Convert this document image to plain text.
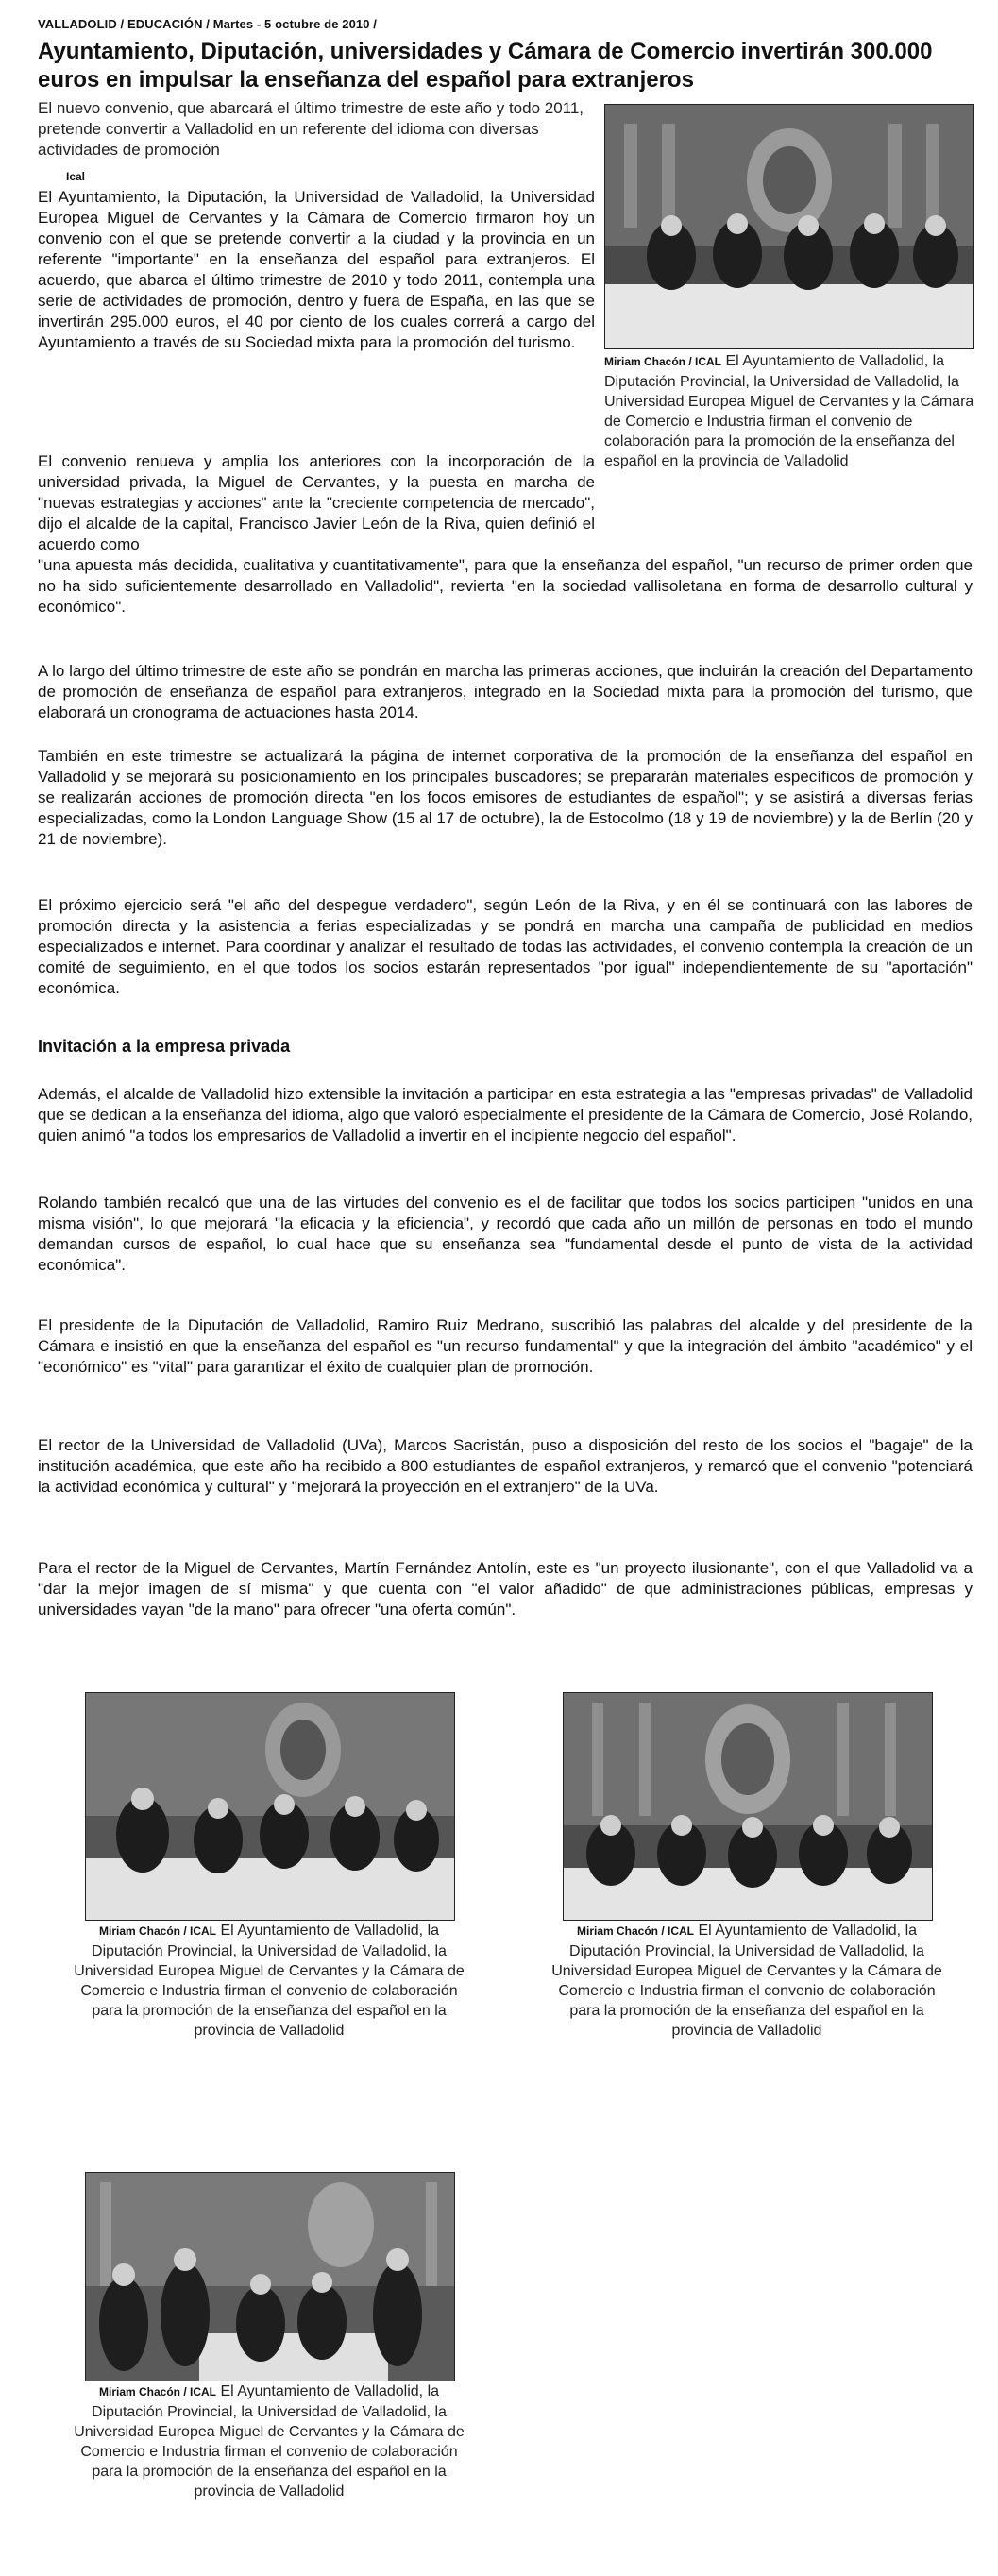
VALLADOLID / EDUCACIÓN / Martes - 5 octubre de 2010 /
Ayuntamiento, Diputación, universidades y Cámara de Comercio invertirán 300.000 euros en impulsar la enseñanza del español para extranjeros

El nuevo convenio, que abarcará el último trimestre de este año y todo 2011, pretende convertir a Valladolid en un referente del idioma con diversas actividades de promoción

Ical

El Ayuntamiento, la Diputación, la Universidad de Valladolid, la Universidad Europea Miguel de Cervantes y la Cámara de Comercio firmaron hoy un convenio con el que se pretende convertir a la ciudad y la provincia en un referente "importante" en la enseñanza del español para extranjeros. El acuerdo, que abarca el último trimestre de 2010 y todo 2011, contempla una serie de actividades de promoción, dentro y fuera de España, en las que se invertirán 295.000 euros, el 40 por ciento de los cuales correrá a cargo del Ayuntamiento a través de su Sociedad mixta para la promoción del turismo.

El convenio renueva y amplia los anteriores con la incorporación de la universidad privada, la Miguel de Cervantes, y la puesta en marcha de "nuevas estrategias y acciones" ante la "creciente competencia de mercado", dijo el alcalde de la capital, Francisco Javier León de la Riva, quien definió el acuerdo como

"una apuesta más decidida, cualitativa y cuantitativamente", para que la enseñanza del español, "un recurso de primer orden que no ha sido suficientemente desarrollado en Valladolid", revierta "en la sociedad vallisoletana en forma de desarrollo cultural y económico".

A lo largo del último trimestre de este año se pondrán en marcha las primeras acciones, que incluirán la creación del Departamento de promoción de enseñanza de español para extranjeros, integrado en la Sociedad mixta para la promoción del turismo, que elaborará un cronograma de actuaciones hasta 2014.

También en este trimestre se actualizará la página de internet corporativa de la promoción de la enseñanza del español en Valladolid y se mejorará su posicionamiento en los principales buscadores; se prepararán materiales específicos de promoción y se realizarán acciones de promoción directa "en los focos emisores de estudiantes de español"; y se asistirá a diversas ferias especializadas, como la London Language Show (15 al 17 de octubre), la de Estocolmo (18 y 19 de noviembre) y la de Berlín (20 y 21 de noviembre).

El próximo ejercicio será "el año del despegue verdadero", según León de la Riva, y en él se continuará con las labores de promoción directa y la asistencia a ferias especializadas y se pondrá en marcha una campaña de publicidad en medios especializados e internet. Para coordinar y analizar el resultado de todas las actividades, el convenio contempla la creación de un comité de seguimiento, en el que todos los socios estarán representados "por igual" independientemente de su "aportación" económica.

Invitación a la empresa privada

Además, el alcalde de Valladolid hizo extensible la invitación a participar en esta estrategia a las "empresas privadas" de Valladolid que se dedican a la enseñanza del idioma, algo que valoró especialmente el presidente de la Cámara de Comercio, José Rolando, quien animó "a todos los empresarios de Valladolid a invertir en el incipiente negocio del español".

Rolando también recalcó que una de las virtudes del convenio es el de facilitar que todos los socios participen "unidos en una misma visión", lo que mejorará "la eficacia y la eficiencia", y recordó que cada año un millón de personas en todo el mundo demandan cursos de español, lo cual hace que su enseñanza sea "fundamental desde el punto de vista de la actividad económica".

El presidente de la Diputación de Valladolid, Ramiro Ruiz Medrano, suscribió las palabras del alcalde y del presidente de la Cámara e insistió en que la enseñanza del español es "un recurso fundamental" y que la integración del ámbito "académico" y el "económico" es "vital" para garantizar el éxito de cualquier plan de promoción.

El rector de la Universidad de Valladolid (UVa), Marcos Sacristán, puso a disposición del resto de los socios el "bagaje" de la institución académica, que este año ha recibido a 800 estudiantes de español extranjeros, y remarcó que el convenio "potenciará la actividad económica y cultural" y "mejorará la proyección en el extranjero" de la UVa.

Para el rector de la Miguel de Cervantes, Martín Fernández Antolín, este es "un proyecto ilusionante", con el que Valladolid va a "dar la mejor imagen de sí misma" y que cuenta con "el valor añadido" de que administraciones públicas, empresas y universidades vayan "de la mano" para ofrecer "una oferta común".

Miriam Chacón / ICAL El Ayuntamiento de Valladolid, la Diputación Provincial, la Universidad de Valladolid, la Universidad Europea Miguel de Cervantes y la Cámara de Comercio e Industria firman el convenio de colaboración para la promoción de la enseñanza del español en la provincia de Valladolid
Miriam Chacón / ICAL El Ayuntamiento de Valladolid, la Diputación Provincial, la Universidad de Valladolid, la Universidad Europea Miguel de Cervantes y la Cámara de Comercio e Industria firman el convenio de colaboración para la promoción de la enseñanza del español en la provincia de Valladolid
Miriam Chacón / ICAL El Ayuntamiento de Valladolid, la Diputación Provincial, la Universidad de Valladolid, la Universidad Europea Miguel de Cervantes y la Cámara de Comercio e Industria firman el convenio de colaboración para la promoción de la enseñanza del español en la provincia de Valladolid
Miriam Chacón / ICAL El Ayuntamiento de Valladolid, la Diputación Provincial, la Universidad de Valladolid, la Universidad Europea Miguel de Cervantes y la Cámara de Comercio e Industria firman el convenio de colaboración para la promoción de la enseñanza del español en la provincia de Valladolid
